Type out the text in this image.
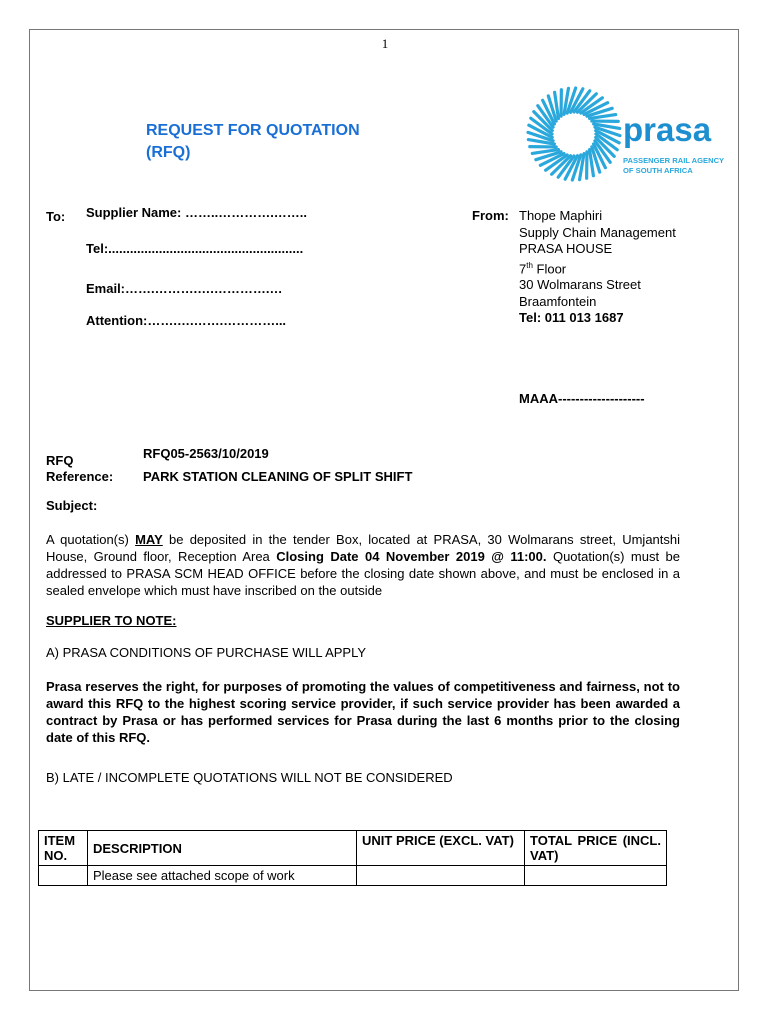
1
REQUEST FOR QUOTATION
(RFQ)
prasa
PASSENGER RAIL AGENCY
OF SOUTH AFRICA
To: Supplier Name: ……..………….……..
Tel:......................................................
Email:…….……….….………….…
Attention:…….….…….…………...
From: Thope Maphiri
Supply Chain Management
PRASA HOUSE
7th Floor
30 Wolmarans Street
Braamfontein
Tel: 011 013 1687
MAAA--------------------
RFQ
Reference:
RFQ05-2563/10/2019
PARK STATION CLEANING OF SPLIT SHIFT
Subject:
A quotation(s) MAY be deposited in the tender Box, located at PRASA, 30 Wolmarans street, Umjantshi House, Ground floor, Reception Area Closing Date 04 November 2019 @ 11:00. Quotation(s) must be addressed to PRASA SCM HEAD OFFICE before the closing date shown above, and must be enclosed in a sealed envelope which must have inscribed on the outside
SUPPLIER TO NOTE:
A) PRASA CONDITIONS OF PURCHASE WILL APPLY
Prasa reserves the right, for purposes of promoting the values of competitiveness and fairness, not to award this RFQ to the highest scoring service provider, if such service provider has been awarded a contract by Prasa or has performed services for Prasa during the last 6 months prior to the closing date of this RFQ.
B) LATE / INCOMPLETE QUOTATIONS WILL NOT BE CONSIDERED
ITEM NO.	DESCRIPTION	UNIT PRICE (EXCL. VAT)	TOTAL PRICE (INCL. VAT)
	Please see attached scope of work		
